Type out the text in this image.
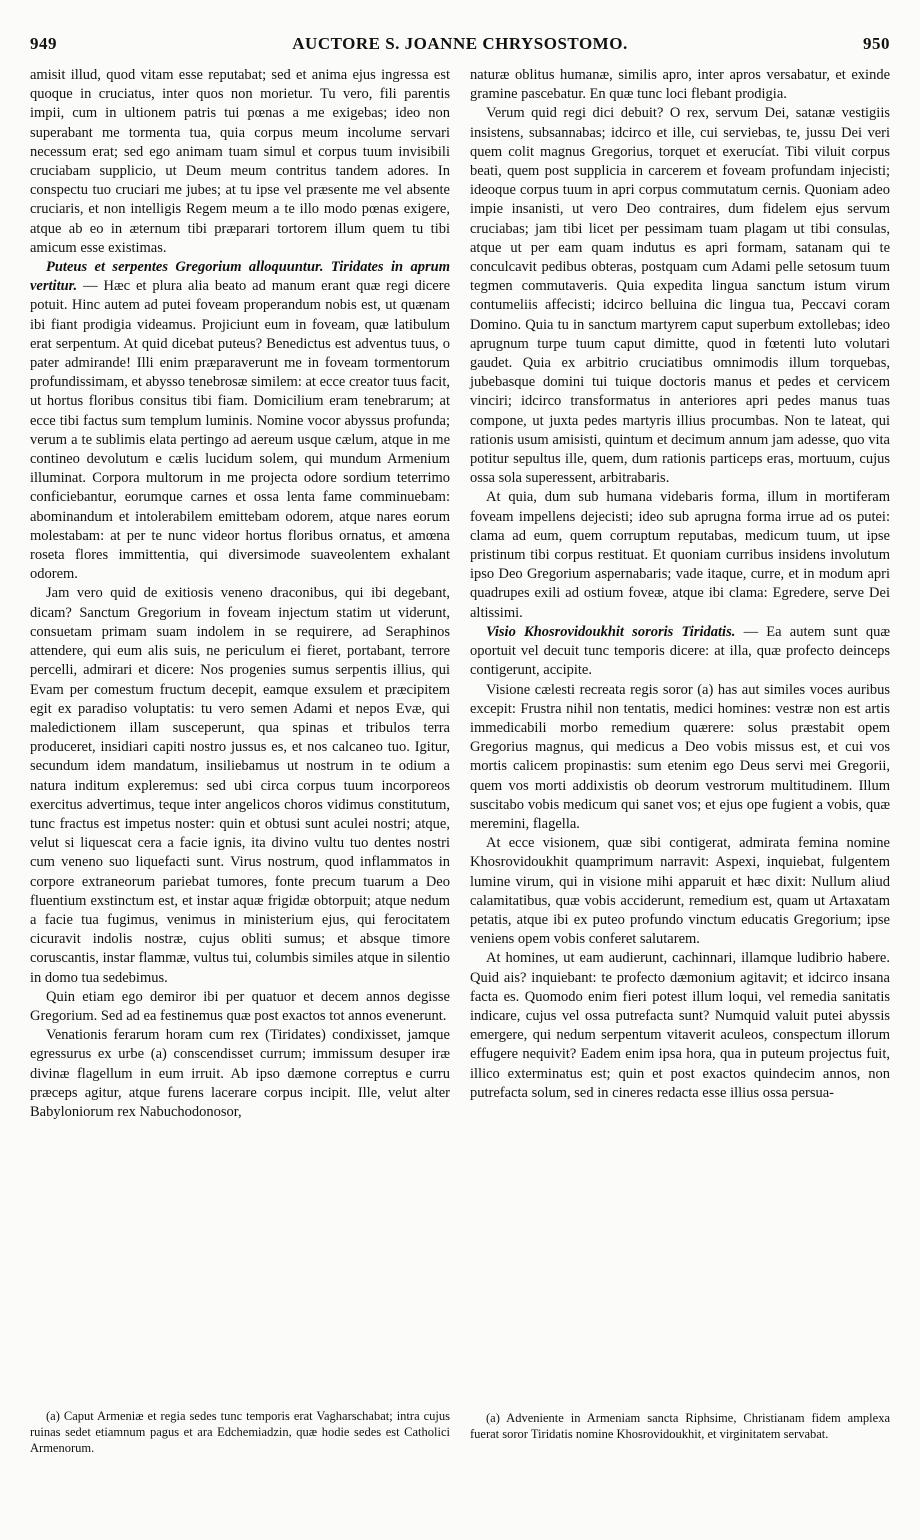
949	AUCTORE S. JOANNE CHRYSOSTOMO.	950

amisit illud, quod vitam esse reputabat; sed et anima ejus ingressa est quoque in cruciatus, inter quos non morietur. Tu vero, fili parentis impii, cum in ultionem patris tui pœnas a me exigebas; ideo non superabant me tormenta tua, quia corpus meum incolume servari necessum erat; sed ego animam tuam simul et corpus tuum invisibili cruciabam supplicio, ut Deum meum contritus tandem adores. In conspectu tuo cruciari me jubes; at tu ipse vel præsente me vel absente cruciaris, et non intelligis Regem meum a te illo modo pœnas exigere, atque ab eo in æternum tibi præparari tortorem illum quem tu tibi amicum esse existimas.

Puteus et serpentes Gregorium alloquuntur. Tiridates in aprum vertitur. — Hæc et plura alia beato ad manum erant quæ regi dicere potuit. Hinc autem ad putei foveam properandum nobis est, ut quænam ibi fiant prodigia videamus. Projiciunt eum in foveam, quæ latibulum erat serpentum. At quid dicebat puteus? Benedictus est adventus tuus, o pater admirande! Illi enim præparaverunt me in foveam tormentorum profundissimam, et abysso tenebrosæ similem: at ecce creator tuus facit, ut hortus floribus consitus tibi fiam. Domicilium eram tenebrarum; at ecce tibi factus sum templum luminis. Nomine vocor abyssus profunda; verum a te sublimis elata pertingo ad aereum usque cælum, atque in me contineo devolutum e cælis lucidum solem, qui mundum Armenium illuminat. Corpora multorum in me projecta odore sordium teterrimo conficiebantur, eorumque carnes et ossa lenta fame comminuebam: abominandum et intolerabilem emittebam odorem, atque nares eorum molestabam: at per te nunc videor hortus floribus ornatus, et amœna roseta flores immittentia, qui diversimode suaveolentem exhalant odorem.

Jam vero quid de exitiosis veneno draconibus, qui ibi degebant, dicam? Sanctum Gregorium in foveam injectum statim ut viderunt, consuetam primam suam indolem in se requirere, ad Seraphinos attendere, qui eum alis suis, ne periculum ei fieret, portabant, terrore percelli, admirari et dicere: Nos progenies sumus serpentis illius, qui Evam per comestum fructum decepit, eamque exsulem et præcipitem egit ex paradiso voluptatis: tu vero semen Adami et nepos Evæ, qui maledictionem illam susceperunt, qua spinas et tribulos terra produceret, insidiari capiti nostro jussus es, et nos calcaneo tuo. Igitur, secundum idem mandatum, insiliebamus ut nostrum in te odium a natura inditum expleremus: sed ubi circa corpus tuum incorporeos exercitus advertimus, teque inter angelicos choros vidimus constitutum, tunc fractus est impetus noster: quin et obtusi sunt aculei nostri; atque, velut si liquescat cera a facie ignis, ita divino vultu tuo dentes nostri cum veneno suo liquefacti sunt. Virus nostrum, quod inflammatos in corpore extraneorum pariebat tumores, fonte precum tuarum a Deo fluentium exstinctum est, et instar aquæ frigidæ obtorpuit; atque nedum a facie tua fugimus, venimus in ministerium ejus, qui ferocitatem cicuravit indolis nostræ, cujus obliti sumus; et absque timore coruscantis, instar flammæ, vultus tui, columbis similes atque in silentio in domo tua sedebimus.

Quin etiam ego demiror ibi per quatuor et decem annos degisse Gregorium. Sed ad ea festinemus quæ post exactos tot annos evenerunt.

Venationis ferarum horam cum rex (Tiridates) condixisset, jamque egressurus ex urbe (a) conscendisset currum; immissum desuper iræ divinæ flagellum in eum irruit. Ab ipso dæmone correptus e curru præceps agitur, atque furens lacerare corpus incipit. Ille, velut alter Babyloniorum rex Nabuchodonosor,

naturæ oblitus humanæ, similis apro, inter apros versabatur, et exinde gramine pascebatur. En quæ tunc loci flebant prodigia.

Verum quid regi dici debuit? O rex, servum Dei, satanæ vestigiis insistens, subsannabas; idcirco et ille, cui serviebas, te, jussu Dei veri quem colit magnus Gregorius, torquet et exerucíat. Tibi viluit corpus beati, quem post supplicia in carcerem et foveam profundam injecisti; ideoque corpus tuum in apri corpus commutatum cernis. Quoniam adeo impie insanisti, ut vero Deo contraires, dum fidelem ejus servum cruciabas; jam tibi licet per pessimam tuam plagam ut tibi consulas, atque ut per eam quam indutus es apri formam, satanam qui te conculcavit pedibus obteras, postquam cum Adami pelle setosum tuum tegmen commutaveris. Quia expedita lingua sanctum istum virum contumeliis affecisti; idcirco belluina dic lingua tua, Peccavi coram Domino. Quia tu in sanctum martyrem caput superbum extollebas; ideo aprugnum turpe tuum caput dimitte, quod in fœtenti luto volutari gaudet. Quia ex arbitrio cruciatibus omnimodis illum torquebas, jubebasque domini tui tuique doctoris manus et pedes et cervicem vinciri; idcirco transformatus in anteriores apri pedes manus tuas compone, ut juxta pedes martyris illius procumbas. Non te lateat, qui rationis usum amisisti, quintum et decimum annum jam adesse, quo vita potitur sepultus ille, quem, dum rationis particeps eras, mortuum, cujus ossa sola superessent, arbitrabaris.

At quia, dum sub humana videbaris forma, illum in mortiferam foveam impellens dejecisti; ideo sub aprugna forma irrue ad os putei: clama ad eum, quem corruptum reputabas, medicum tuum, ut ipse pristinum tibi corpus restituat. Et quoniam curribus insidens involutum ipso Deo Gregorium aspernabaris; vade itaque, curre, et in modum apri quadrupes exili ad ostium foveæ, atque ibi clama: Egredere, serve Dei altissimi.

Visio Khosrovidoukhit sororis Tiridatis. — Ea autem sunt quæ oportuit vel decuit tunc temporis dicere: at illa, quæ profecto deinceps contigerunt, accipite.

Visione cælesti recreata regis soror (a) has aut similes voces auribus excepit: Frustra nihil non tentatis, medici homines: vestræ non est artis immedicabili morbo remedium quærere: solus præstabit opem Gregorius magnus, qui medicus a Deo vobis missus est, et cui vos mortis calicem propinastis: sum etenim ego Deus servi mei Gregorii, quem vos morti addixistis ob deorum vestrorum multitudinem. Illum suscitabo vobis medicum qui sanet vos; et ejus ope fugient a vobis, quæ meremini, flagella.

At ecce visionem, quæ sibi contigerat, admirata femina nomine Khosrovidoukhit quamprimum narravit: Aspexi, inquiebat, fulgentem lumine virum, qui in visione mihi apparuit et hæc dixit: Nullum aliud calamitatibus, quæ vobis acciderunt, remedium est, quam ut Artaxatam petatis, atque ibi ex puteo profundo vinctum educatis Gregorium; ipse veniens opem vobis conferet salutarem.

At homines, ut eam audierunt, cachinnari, illamque ludibrio habere. Quid ais? inquiebant: te profecto dæmonium agitavit; et idcirco insana facta es. Quomodo enim fieri potest illum loqui, vel remedia sanitatis indicare, cujus vel ossa putrefacta sunt? Numquid valuit putei abyssis emergere, qui nedum serpentum vitaverit aculeos, conspectum illorum effugere nequivit? Eadem enim ipsa hora, qua in puteum projectus fuit, illico exterminatus est; quin et post exactos quindecim annos, non putrefacta solum, sed in cineres redacta esse illius ossa persua-

(a) Caput Armeniæ et regia sedes tunc temporis erat Vagharschabat; intra cujus ruinas sedet etiamnum pagus et ara Edchemiadzin, quæ hodie sedes est Catholici Armenorum.

(a) Adveniente in Armeniam sancta Riphsime, Christianam fidem amplexa fuerat soror Tiridatis nomine Khosrovidoukhit, et virginitatem servabat.
